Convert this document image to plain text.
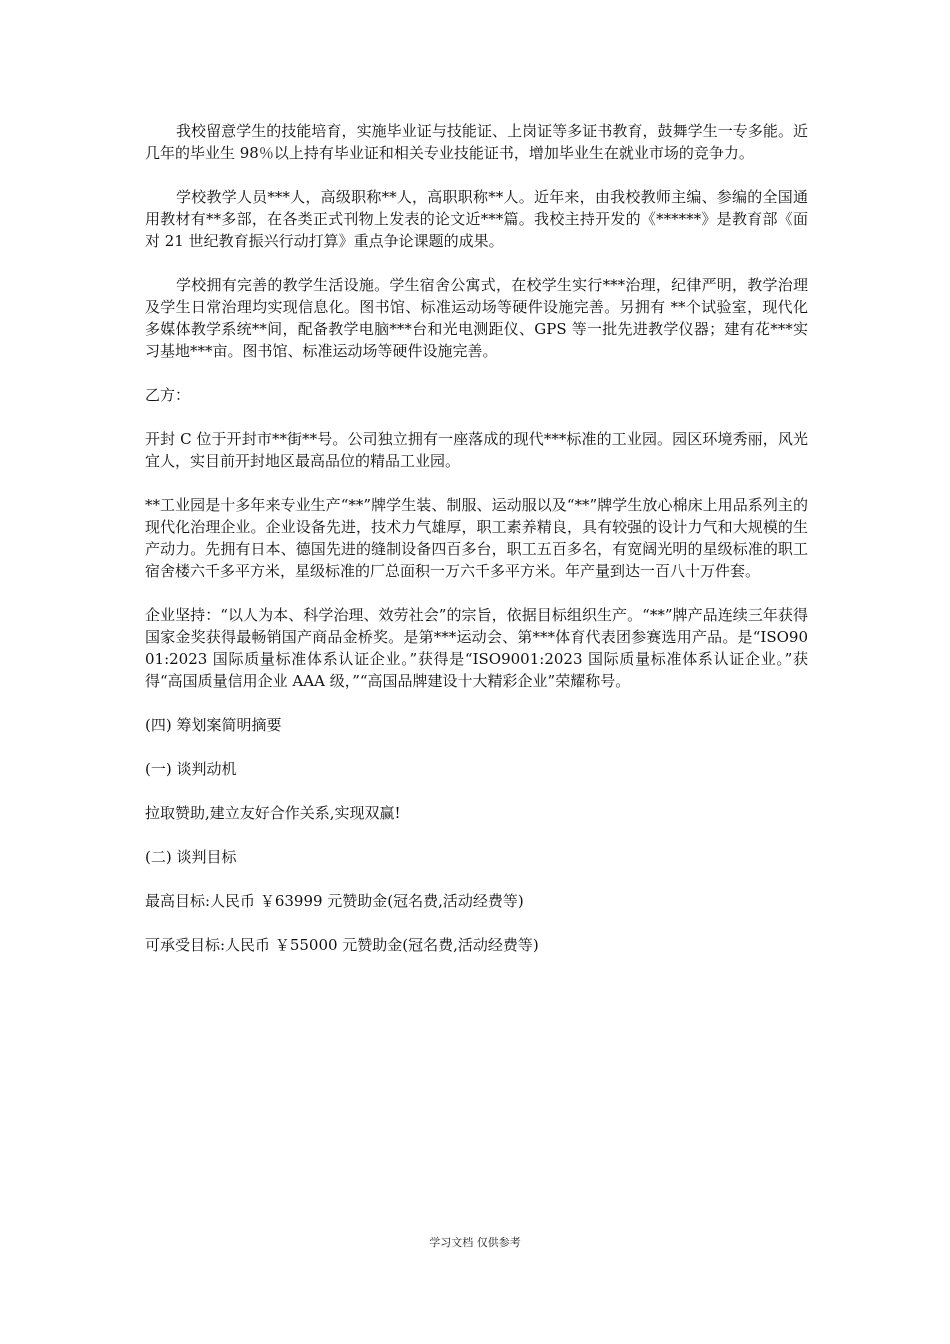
我校留意学生的技能培育，实施毕业证与技能证、上岗证等多证书教育，鼓舞学生一专多能。近几年的毕业生 98％以上持有毕业证和相关专业技能证书，增加毕业生在就业市场的竞争力。

学校教学人员***人，高级职称**人，高职职称**人。近年来，由我校教师主编、参编的全国通用教材有**多部，在各类正式刊物上发表的论文近***篇。我校主持开发的《******》是教育部《面对 21 世纪教育振兴行动打算》重点争论课题的成果。

学校拥有完善的教学生活设施。学生宿舍公寓式，在校学生实行***治理，纪律严明，教学治理及学生日常治理均实现信息化。图书馆、标准运动场等硬件设施完善。另拥有 **个试验室，现代化多媒体教学系统**间，配备教学电脑***台和光电测距仪、GPS 等一批先进教学仪器；建有花***实习基地***亩。图书馆、标准运动场等硬件设施完善。

乙方：

开封 C 位于开封市**街**号。公司独立拥有一座落成的现代***标准的工业园。园区环境秀丽，风光宜人，实目前开封地区最高品位的精品工业园。

**工业园是十多年来专业生产“**”牌学生装、制服、运动服以及“**”牌学生放心棉床上用品系列主的现代化治理企业。企业设备先进，技术力气雄厚，职工素养精良，具有较强的设计力气和大规模的生产动力。先拥有日本、德国先进的缝制设备四百多台，职工五百多名，有宽阔光明的星级标准的职工宿舍楼六千多平方米，星级标准的厂总面积一万六千多平方米。年产量到达一百八十万件套。

企业坚持：“以人为本、科学治理、效劳社会”的宗旨，依据目标组织生产。“**”牌产品连续三年获得国家金奖获得最畅销国产商品金桥奖。是第***运动会、第***体育代表团参赛选用产品。是“ISO9001:2023 国际质量标准体系认证企业。”获得是“ISO9001:2023 国际质量标准体系认证企业。”获得“高国质量信用企业 AAA 级，”“高国品牌建设十大精彩企业”荣耀称号。

(四) 筹划案简明摘要

(一) 谈判动机

拉取赞助,建立友好合作关系,实现双赢!

(二) 谈判目标

最高目标:人民币 ￥63999 元赞助金(冠名费,活动经费等)

可承受目标:人民币 ￥55000 元赞助金(冠名费,活动经费等)

学习文档 仅供参考
